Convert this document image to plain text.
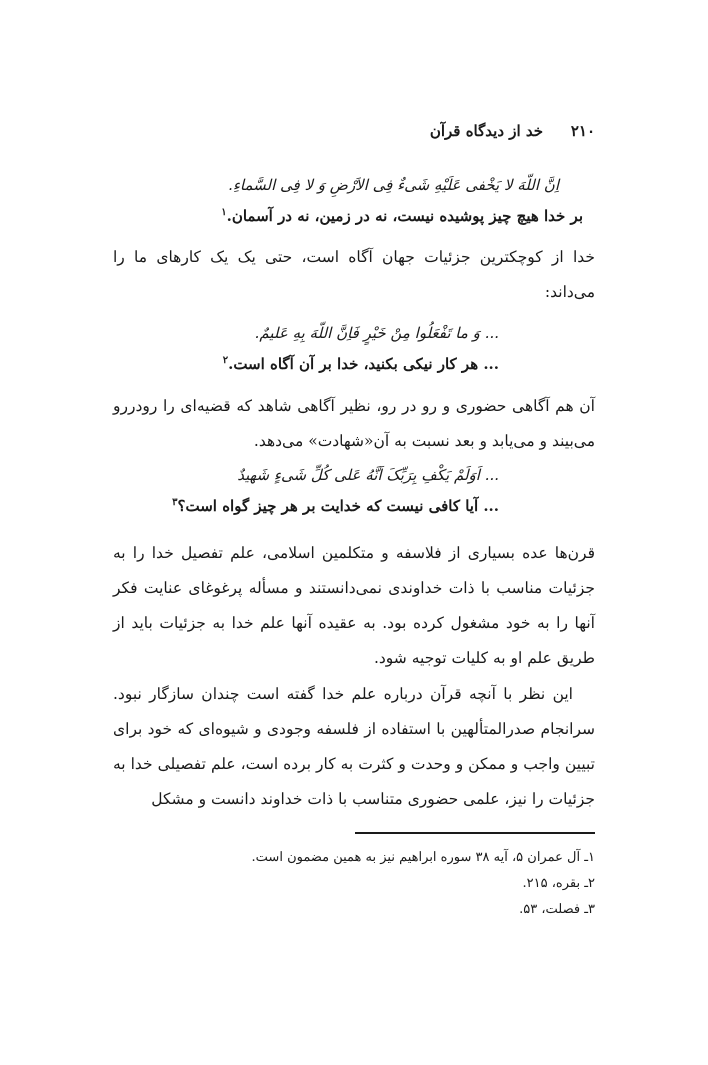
۲۱۰
خد از دیدگاه قرآن
اِنَّ اللّهَ لا یَخْفی عَلَیْهِ شَیءٌ فِی الاَرْضِ وَ لا فِی السَّماءِ.
بر خدا هیچ چیز پوشیده نیست، نه در زمین، نه در آسمان.$^۱$
خدا از کوچکترین جزئیات جهان آگاه است، حتی یک یک کارهای ما را می‌داند:
... وَ ما تَفْعَلُوا مِنْ خَیْرٍ فَاِنَّ اللّهَ بِهِ عَلیمٌ.
... هر کار نیکی بکنید، خدا بر آن آگاه است.$^۲$
آن هم آگاهی حضوری و رو در رو، نظیر آگاهی شاهد که قضیه‌ای را رودررو می‌بیند و می‌یابد و بعد نسبت به آن«شهادت» می‌دهد.
... اَوَلَمْ یَکْفِ بِرَبِّکَ اَنَّهُ عَلی کُلِّ شَیءٍ شَهیدٌ
... آیا کافی نیست که خدایت بر هر چیز گواه است؟$^۳$
قرن‌ها عده بسیاری از فلاسفه و متکلمین اسلامی، علم تفصیل خدا را به جزئیات مناسب با ذات خداوندی نمی‌دانستند و مسأله پرغوغای عنایت فکر آنها را به خود مشغول کرده بود. به عقیده آنها علم خدا به جزئیات باید از طریق علم او به کلیات توجیه شود.
این نظر با آنچه قرآن درباره علم خدا گفته است چندان سازگار نبود. سرانجام صدرالمتألهین با استفاده از فلسفه وجودی و شیوه‌ای که خود برای تبیین واجب و ممکن و وحدت و کثرت به کار برده است، علم تفصیلی خدا به جزئیات را نیز، علمی حضوری متناسب با ذات خداوند دانست و مشکل
۱ـ آل عمران ۵، آیه ۳۸ سوره ابراهیم نیز به همین مضمون است.
۲ـ بقره، ۲۱۵.
۳ـ فصلت، ۵۳.
